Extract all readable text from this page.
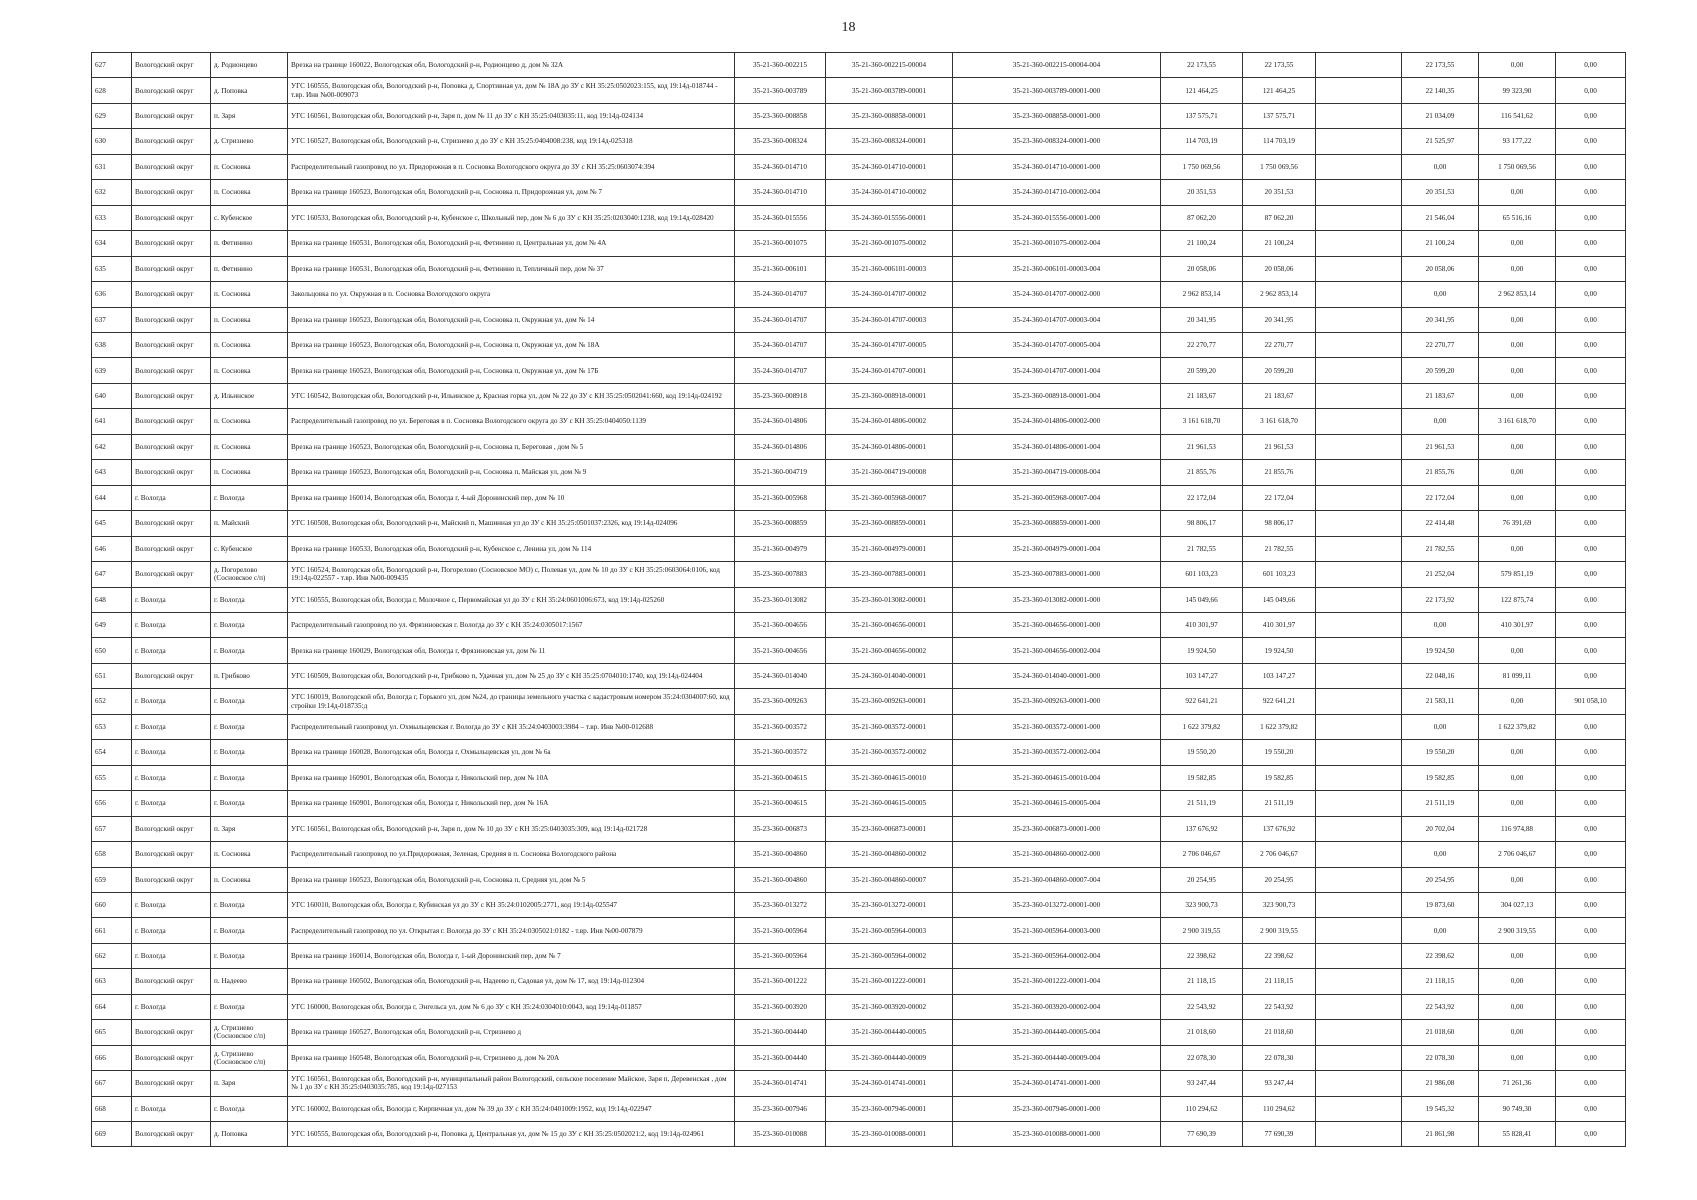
18
627	Вологодский округ	д. Родионцево	Врезка на границе 160022, Вологодская обл, Вологодский р-н, Родионцево д, дом № 32А	35-21-360-002215	35-21-360-002215-00004	35-21-360-002215-00004-004	22 173,55	22 173,55		22 173,55	0,00	0,00
628	Вологодский округ	д. Поповка	УГС 160555, Вологодская обл, Вологодский р-н, Поповка д, Спортивная ул, дом № 18А до ЗУ с КН 35:25:0502023:155, код 19:14д-018744 - т.вр. Инв №00-009073	35-21-360-003789	35-21-360-003789-00001	35-21-360-003789-00001-000	121 464,25	121 464,25		22 140,35	99 323,90	0,00
629	Вологодский округ	п. Заря	УГС 160561, Вологодская обл, Вологодский р-н, Заря п, дом № 11 до ЗУ с КН 35:25:0403035:11, код 19:14д-024134	35-23-360-008858	35-23-360-008858-00001	35-23-360-008858-00001-000	137 575,71	137 575,71		21 034,09	116 541,62	0,00
630	Вологодский округ	д. Стризнево	УГС 160527, Вологодская обл, Вологодский р-н, Стризнево д до ЗУ с КН 35:25:0404008:238, код 19:14д-025318	35-23-360-008324	35-23-360-008324-00001	35-23-360-008324-00001-000	114 703,19	114 703,19		21 525,97	93 177,22	0,00
631	Вологодский округ	п. Сосновка	Распределительный газопровод по ул. Придорожная в п. Сосновка Вологодского округа до ЗУ с КН 35:25:0603074:394	35-24-360-014710	35-24-360-014710-00001	35-24-360-014710-00001-000	1 750 069,56	1 750 069,56		0,00	1 750 069,56	0,00
632	Вологодский округ	п. Сосновка	Врезка на границе 160523, Вологодская обл, Вологодский р-н, Сосновка п, Придорожная ул, дом № 7	35-24-360-014710	35-24-360-014710-00002	35-24-360-014710-00002-004	20 351,53	20 351,53		20 351,53	0,00	0,00
633	Вологодский округ	с. Кубенское	УГС 160533, Вологодская обл, Вологодский р-н, Кубенское с, Школьный пер, дом № 6 до ЗУ с КН 35:25:0203040:1238, код 19:14д-028420	35-24-360-015556	35-24-360-015556-00001	35-24-360-015556-00001-000	87 062,20	87 062,20		21 546,04	65 516,16	0,00
634	Вологодский округ	п. Фетинино	Врезка на границе 160531, Вологодская обл, Вологодский р-н, Фетинино п, Центральная ул, дом № 4А	35-21-360-001075	35-21-360-001075-00002	35-21-360-001075-00002-004	21 100,24	21 100,24		21 100,24	0,00	0,00
635	Вологодский округ	п. Фетинино	Врезка на границе 160531, Вологодская обл, Вологодский р-н, Фетинино п, Тепличный пер, дом № 37	35-21-360-006101	35-21-360-006101-00003	35-21-360-006101-00003-004	20 058,06	20 058,06		20 058,06	0,00	0,00
636	Вологодский округ	п. Сосновка	Закольцовка по ул. Окружная в п. Сосновка Вологодского округа	35-24-360-014707	35-24-360-014707-00002	35-24-360-014707-00002-000	2 962 853,14	2 962 853,14		0,00	2 962 853,14	0,00
637	Вологодский округ	п. Сосновка	Врезка на границе 160523, Вологодская обл, Вологодский р-н, Сосновка п, Окружная ул, дом № 14	35-24-360-014707	35-24-360-014707-00003	35-24-360-014707-00003-004	20 341,95	20 341,95		20 341,95	0,00	0,00
638	Вологодский округ	п. Сосновка	Врезка на границе 160523, Вологодская обл, Вологодский р-н, Сосновка п, Окружная ул, дом № 18А	35-24-360-014707	35-24-360-014707-00005	35-24-360-014707-00005-004	22 270,77	22 270,77		22 270,77	0,00	0,00
639	Вологодский округ	п. Сосновка	Врезка на границе 160523, Вологодская обл, Вологодский р-н, Сосновка п, Окружная ул, дом № 17Б	35-24-360-014707	35-24-360-014707-00001	35-24-360-014707-00001-004	20 599,20	20 599,20		20 599,20	0,00	0,00
640	Вологодский округ	д. Ильинское	УГС 160542, Вологодская обл, Вологодский р-н, Ильинское д, Красная горка ул, дом № 22 до ЗУ с КН 35:25:0502041:660, код 19:14д-024192	35-23-360-008918	35-23-360-008918-00001	35-23-360-008918-00001-004	21 183,67	21 183,67		21 183,67	0,00	0,00
641	Вологодский округ	п. Сосновка	Распределительный газопровод по ул. Береговая в п. Сосновка Вологодского округа до ЗУ с КН 35:25:0404050:1139	35-24-360-014806	35-24-360-014806-00002	35-24-360-014806-00002-000	3 161 618,70	3 161 618,70		0,00	3 161 618,70	0,00
642	Вологодский округ	п. Сосновка	Врезка на границе 160523, Вологодская обл, Вологодский р-н, Сосновка п, Береговая , дом № 5	35-24-360-014806	35-24-360-014806-00001	35-24-360-014806-00001-004	21 961,53	21 961,53		21 961,53	0,00	0,00
643	Вологодский округ	п. Сосновка	Врезка на границе 160523, Вологодская обл, Вологодский р-н, Сосновка п, Майская ул, дом № 9	35-21-360-004719	35-21-360-004719-00008	35-21-360-004719-00008-004	21 855,76	21 855,76		21 855,76	0,00	0,00
644	г. Вологда	г. Вологда	Врезка на границе 160014, Вологодская обл, Вологда г, 4-ый Доронинский пер, дом № 10	35-21-360-005968	35-21-360-005968-00007	35-21-360-005968-00007-004	22 172,04	22 172,04		22 172,04	0,00	0,00
645	Вологодский округ	п. Майский	УГС 160508, Вологодская обл, Вологодский р-н, Майский п, Машинная ул до ЗУ с КН 35:25:0501037:2326, код 19:14д-024096	35-23-360-008859	35-23-360-008859-00001	35-23-360-008859-00001-000	98 806,17	98 806,17		22 414,48	76 391,69	0,00
646	Вологодский округ	с. Кубенское	Врезка на границе 160533, Вологодская обл, Вологодский р-н, Кубенское с, Ленина ул, дом № 114	35-21-360-004979	35-21-360-004979-00001	35-21-360-004979-00001-004	21 782,55	21 782,55		21 782,55	0,00	0,00
647	Вологодский округ	д. Погорелово (Сосновское с/п)	УГС 160524, Вологодская обл, Вологодский р-н, Погорелово (Сосновское МО) с, Полевая ул, дом № 10 до ЗУ с КН 35:25:0603064:0106, код 19:14д-022557 - т.вр. Инв №00-009435	35-23-360-007883	35-23-360-007883-00001	35-23-360-007883-00001-000	601 103,23	601 103,23		21 252,04	579 851,19	0,00
648	г. Вологда	г. Вологда	УГС 160555, Вологодская обл, Вологда г, Молочное с, Первомайская ул до ЗУ с КН 35:24:0601006:673, код 19:14д-025260	35-23-360-013082	35-23-360-013082-00001	35-23-360-013082-00001-000	145 049,66	145 049,66		22 173,92	122 875,74	0,00
649	г. Вологда	г. Вологда	Распределительный газопровод по ул. Фрязиновская г. Вологда до ЗУ с КН 35:24:0305017:1567	35-21-360-004656	35-21-360-004656-00001	35-21-360-004656-00001-000	410 301,97	410 301,97		0,00	410 301,97	0,00
650	г. Вологда	г. Вологда	Врезка на границе 160029, Вологодская обл, Вологда г, Фрязиновская ул, дом № 11	35-21-360-004656	35-21-360-004656-00002	35-21-360-004656-00002-004	19 924,50	19 924,50		19 924,50	0,00	0,00
651	Вологодский округ	п. Грибково	УГС 160509, Вологодская обл, Вологодский р-н, Грибково п, Удачная ул, дом № 25 до ЗУ с КН 35:25:0704010:1740, код 19:14д-024404	35-24-360-014040	35-24-360-014040-00001	35-24-360-014040-00001-000	103 147,27	103 147,27		22 048,16	81 099,11	0,00
652	г. Вологда	г. Вологда	УГС 160019, Вологодской обл, Вологда г, Горького ул, дом №24, до границы земельного участка с кадастровым номером 35:24:0304007:60, код стройки 19:14д-018735:д	35-23-360-009263	35-23-360-009263-00001	35-23-360-009263-00001-000	922 641,21	922 641,21		21 583,11	0,00	901 058,10
653	г. Вологда	г. Вологда	Распределительный газопровод ул. Охмыльцевская г. Вологда до ЗУ с КН 35:24:0403003:3984 – т.вр. Инв №00-012688	35-21-360-003572	35-21-360-003572-00001	35-21-360-003572-00001-000	1 622 379,82	1 622 379,82		0,00	1 622 379,82	0,00
654	г. Вологда	г. Вологда	Врезка на границе 160028, Вологодская обл, Вологда г, Охмыльцевская ул, дом № 6а	35-21-360-003572	35-21-360-003572-00002	35-21-360-003572-00002-004	19 550,20	19 550,20		19 550,20	0,00	0,00
655	г. Вологда	г. Вологда	Врезка на границе 160901, Вологодская обл, Вологда г, Никольский пер, дом № 10А	35-21-360-004615	35-21-360-004615-00010	35-21-360-004615-00010-004	19 582,85	19 582,85		19 582,85	0,00	0,00
656	г. Вологда	г. Вологда	Врезка на границе 160901, Вологодская обл, Вологда г, Никольский пер, дом № 16А	35-21-360-004615	35-21-360-004615-00005	35-21-360-004615-00005-004	21 511,19	21 511,19		21 511,19	0,00	0,00
657	Вологодский округ	п. Заря	УГС 160561, Вологодская обл, Вологодский р-н, Заря п, дом № 10 до ЗУ с КН 35:25:0403035:309, код 19:14д-021728	35-23-360-006873	35-23-360-006873-00001	35-23-360-006873-00001-000	137 676,92	137 676,92		20 702,04	116 974,88	0,00
658	Вологодский округ	п. Сосновка	Распределительный газопровод по ул.Придорожная, Зеленая, Средняя в п. Сосновка Вологодского района	35-21-360-004860	35-21-360-004860-00002	35-21-360-004860-00002-000	2 706 046,67	2 706 046,67		0,00	2 706 046,67	0,00
659	Вологодский округ	п. Сосновка	Врезка на границе 160523, Вологодская обл, Вологодский р-н, Сосновка п, Средняя ул, дом № 5	35-21-360-004860	35-21-360-004860-00007	35-21-360-004860-00007-004	20 254,95	20 254,95		20 254,95	0,00	0,00
660	г. Вологда	г. Вологда	УГС 160010, Вологодская обл, Вологда г, Кубинская ул до ЗУ с КН 35:24:0102005:2771, код 19:14д-025547	35-23-360-013272	35-23-360-013272-00001	35-23-360-013272-00001-000	323 900,73	323 900,73		19 873,60	304 027,13	0,00
661	г. Вологда	г. Вологда	Распределительный газопровод по ул. Открытая г. Вологда до ЗУ с КН 35:24:0305021:0182 - т.вр. Инв №00-007879	35-21-360-005964	35-21-360-005964-00003	35-21-360-005964-00003-000	2 900 319,55	2 900 319,55		0,00	2 900 319,55	0,00
662	г. Вологда	г. Вологда	Врезка на границе 160014, Вологодская обл, Вологда г, 1-ый Доронинский пер, дом № 7	35-21-360-005964	35-21-360-005964-00002	35-21-360-005964-00002-004	22 398,62	22 398,62		22 398,62	0,00	0,00
663	Вологодский округ	п. Надеево	Врезка на границе 160502, Вологодская обл, Вологодский р-н, Надеево п, Садовая ул, дом № 17, код 19:14д-012304	35-21-360-001222	35-21-360-001222-00001	35-21-360-001222-00001-004	21 118,15	21 118,15		21 118,15	0,00	0,00
664	г. Вологда	г. Вологда	УГС 160000, Вологодская обл, Вологда г, Энгельса ул, дом № 6 до ЗУ с КН 35:24:0304010:0043, код 19:14д-011857	35-21-360-003920	35-21-360-003920-00002	35-21-360-003920-00002-004	22 543,92	22 543,92		22 543,92	0,00	0,00
665	Вологодский округ	д. Стризнево (Сосновское с/п)	Врезка на границе 160527, Вологодская обл, Вологодский р-н, Стризнево д	35-21-360-004440	35-21-360-004440-00005	35-21-360-004440-00005-004	21 018,60	21 018,60		21 018,60	0,00	0,00
666	Вологодский округ	д. Стризнево (Сосновское с/п)	Врезка на границе 160548, Вологодская обл, Вологодский р-н, Стризнево д, дом № 20А	35-21-360-004440	35-21-360-004440-00009	35-21-360-004440-00009-004	22 078,30	22 078,30		22 078,30	0,00	0,00
667	Вологодский округ	п. Заря	УГС 160561, Вологодская обл, Вологодский р-н, муниципальный район Вологодский, сельское поселение Майское, Заря п, Деревенская , дом № 1 до ЗУ с КН 35:25:0403035:785, код 19:14д-027153	35-24-360-014741	35-24-360-014741-00001	35-24-360-014741-00001-000	93 247,44	93 247,44		21 986,08	71 261,36	0,00
668	г. Вологда	г. Вологда	УГС 160002, Вологодская обл, Вологда г, Кирпичная ул, дом № 39 до ЗУ с КН 35:24:0401009:1952, код 19:14д-022947	35-23-360-007946	35-23-360-007946-00001	35-23-360-007946-00001-000	110 294,62	110 294,62		19 545,32	90 749,30	0,00
669	Вологодский округ	д. Поповка	УГС 160555, Вологодская обл, Вологодский р-н, Поповка д, Центральная ул, дом № 15 до ЗУ с КН 35:25:0502021:2, код 19:14д-024961	35-23-360-010088	35-23-360-010088-00001	35-23-360-010088-00001-000	77 690,39	77 690,39		21 861,98	55 828,41	0,00
